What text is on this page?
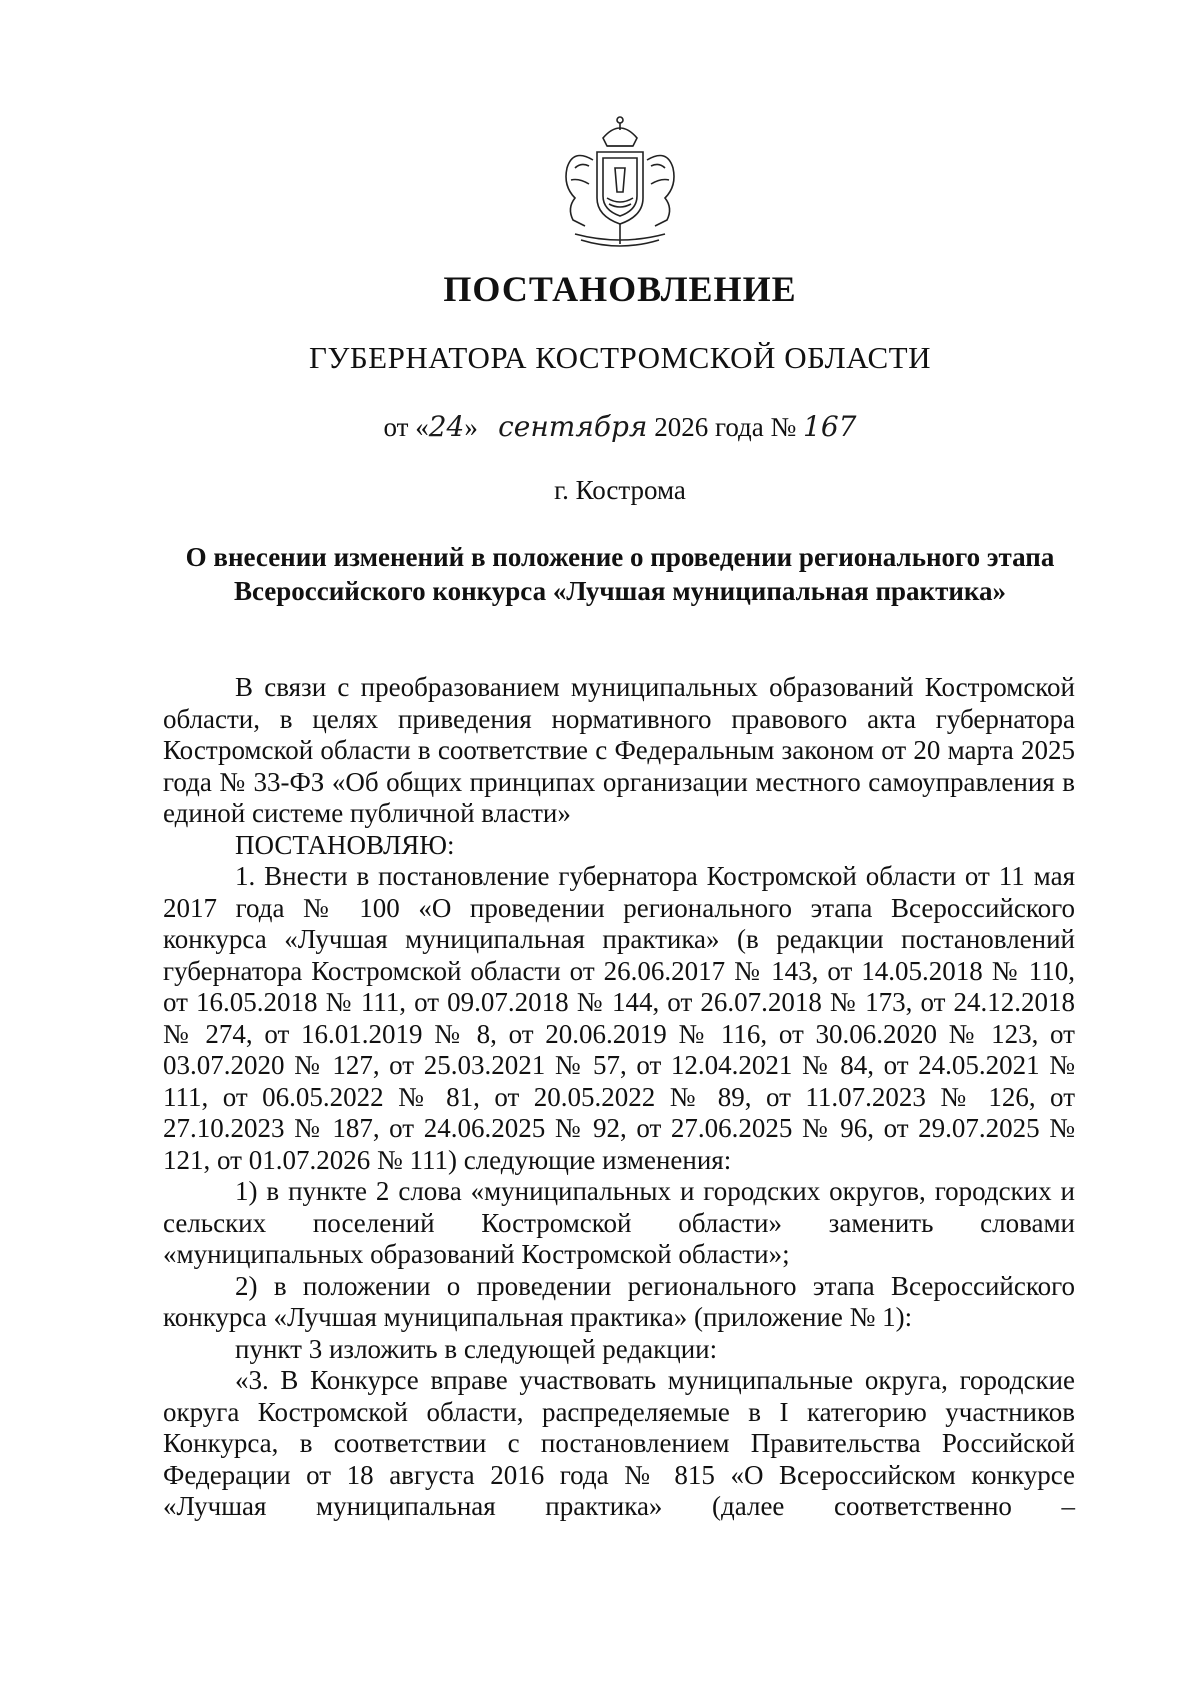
ПОСТАНОВЛЕНИЕ
ГУБЕРНАТОРА КОСТРОМСКОЙ ОБЛАСТИ
от «24» сентября 2026 года № 167
г. Кострома
О внесении изменений в положение о проведении регионального этапа
Всероссийского конкурса «Лучшая муниципальная практика»

В связи с преобразованием муниципальных образований Костромской области, в целях приведения нормативного правового акта губернатора Костромской области в соответствие с Федеральным законом от 20 марта 2025 года № 33-ФЗ «Об общих принципах организации местного самоуправления в единой системе публичной власти»

ПОСТАНОВЛЯЮ:

1. Внести в постановление губернатора Костромской области от 11 мая 2017 года № 100 «О проведении регионального этапа Всероссийского конкурса «Лучшая муниципальная практика» (в редакции постановлений губернатора Костромской области от 26.06.2017 № 143, от 14.05.2018 № 110, от 16.05.2018 № 111, от 09.07.2018 № 144, от 26.07.2018 № 173, от 24.12.2018 № 274, от 16.01.2019 № 8, от 20.06.2019 № 116, от 30.06.2020 № 123, от 03.07.2020 № 127, от 25.03.2021 № 57, от 12.04.2021 № 84, от 24.05.2021 № 111, от 06.05.2022 № 81, от 20.05.2022 № 89, от 11.07.2023 № 126, от 27.10.2023 № 187, от 24.06.2025 № 92, от 27.06.2025 № 96, от 29.07.2025 № 121, от 01.07.2026 № 111) следующие изменения:

1) в пункте 2 слова «муниципальных и городских округов, городских и сельских поселений Костромской области» заменить словами «муниципальных образований Костромской области»;

2) в положении о проведении регионального этапа Всероссийского конкурса «Лучшая муниципальная практика» (приложение № 1):

пункт 3 изложить в следующей редакции:

«3. В Конкурсе вправе участвовать муниципальные округа, городские округа Костромской области, распределяемые в I категорию участников Конкурса, в соответствии с постановлением Правительства Российской Федерации от 18 августа 2016 года № 815 «О Всероссийском конкурсе «Лучшая муниципальная практика» (далее соответственно –
